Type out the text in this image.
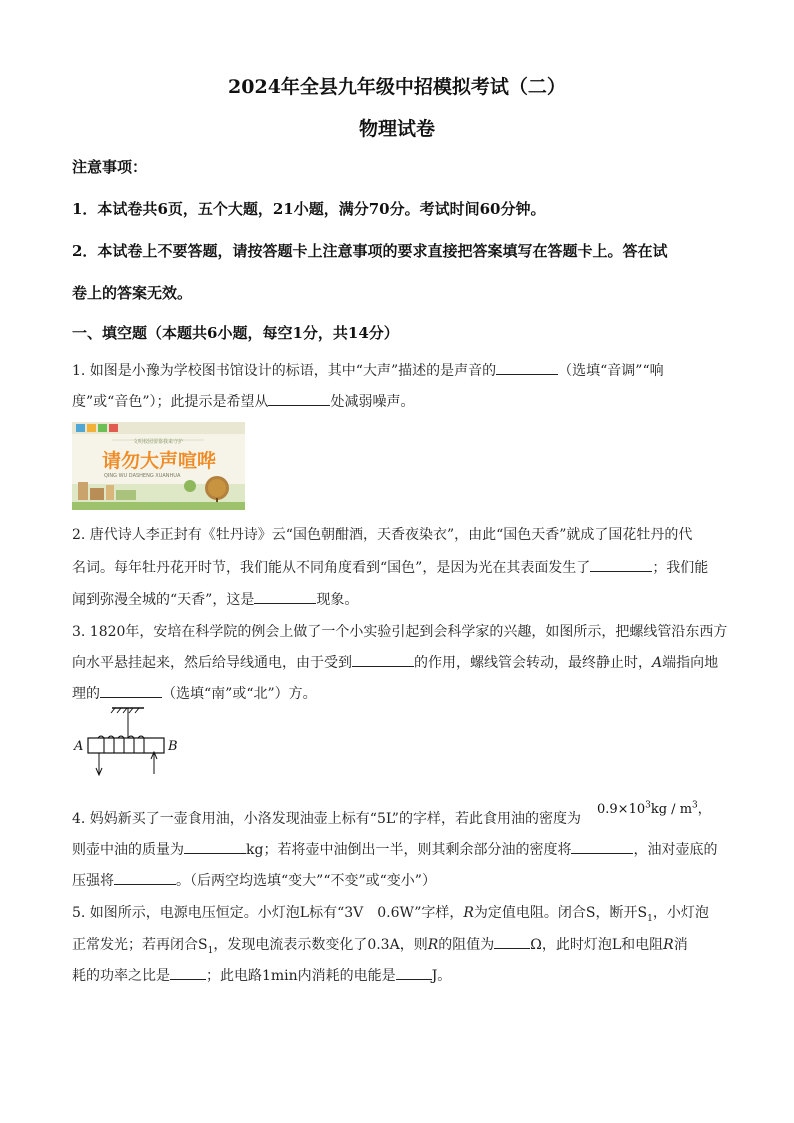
2024年全县九年级中招模拟考试（二）
物理试卷
注意事项：
1．本试卷共6页，五个大题，21小题，满分70分。考试时间60分钟。
2．本试卷上不要答题，请按答题卡上注意事项的要求直接把答案填写在答题卡上。答在试
卷上的答案无效。
一、填空题（本题共6小题，每空1分，共14分）
1. 如图是小豫为学校图书馆设计的标语，其中“大声”描述的是声音的	（选填“音调”“响
度”或“音色”）；此提示是希望从	处减弱噪声。
文明校园要靠我来守护
请勿大声喧哗
QING WU DASHENG XUANHUA
2. 唐代诗人李正封有《牡丹诗》云“国色朝酣酒，天香夜染衣”，由此“国色天香”就成了国花牡丹的代
名词。每年牡丹花开时节，我们能从不同角度看到“国色”，是因为光在其表面发生了	；我们能
闻到弥漫全城的“天香”，这是	现象。
3. 1820年，安培在科学院的例会上做了一个小实验引起到会科学家的兴趣，如图所示，把螺线管沿东西方
向水平悬挂起来，然后给导线通电，由于受到	的作用，螺线管会转动，最终静止时，A端指向地
理的	（选填“南”或“北”）方。
A	B
4. 妈妈新买了一壶食用油，小洛发现油壶上标有“5L”的字样，若此食用油的密度为
$0.9\times 10^3kg / m^3$，
则壶中油的质量为	kg；若将壶中油倒出一半，则其剩余部分油的密度将	，油对壶底的
压强将	。（后两空均选填“变大”“不变”或“变小”）
5. 如图所示，电源电压恒定。小灯泡L标有“3V　0.6W”字样，R为定值电阻。闭合S，断开$S_1$，小灯泡
正常发光；若再闭合$S_1$，发现电流表示数变化了0.3A，则R的阻值为	Ω，此时灯泡L和电阻R消
耗的功率之比是	；此电路1min内消耗的电能是	J。
